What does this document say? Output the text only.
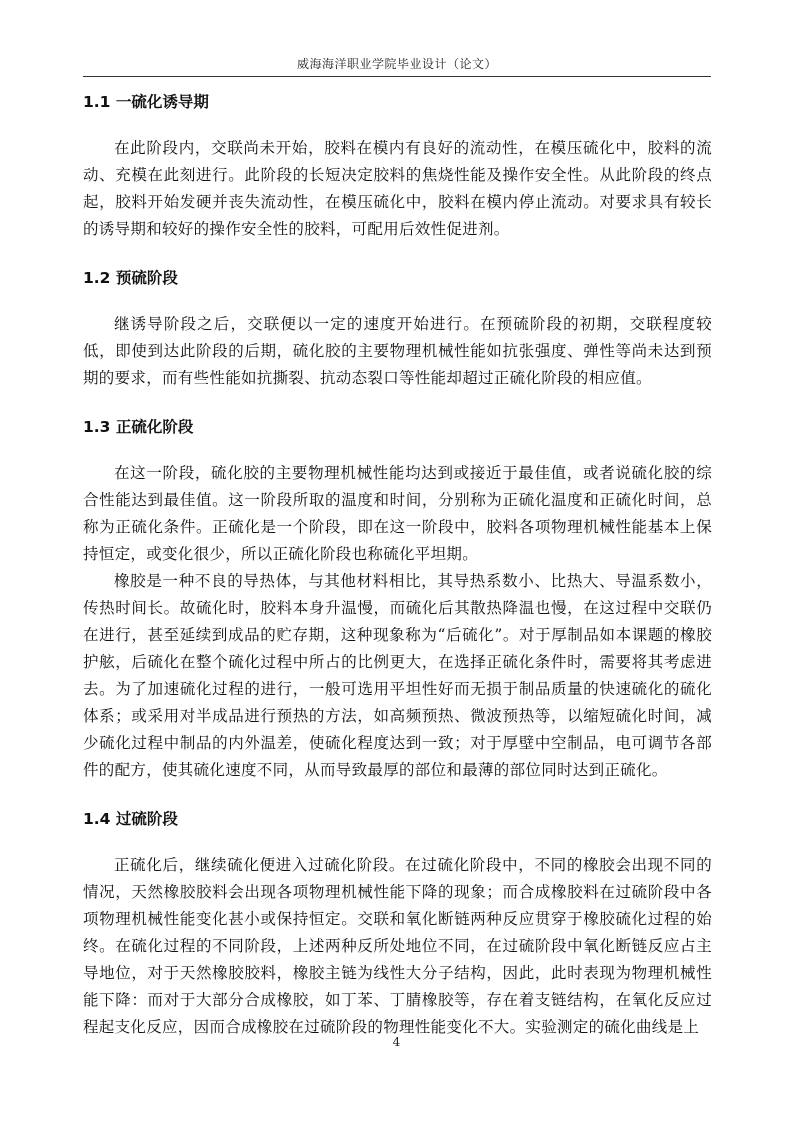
威海海洋职业学院毕业设计（论文）

1.1 一硫化诱导期

在此阶段内，交联尚未开始，胶料在模内有良好的流动性，在模压硫化中，胶料的流动、充模在此刻进行。此阶段的长短决定胶料的焦烧性能及操作安全性。从此阶段的终点起，胶料开始发硬并丧失流动性，在模压硫化中，胶料在模内停止流动。对要求具有较长的诱导期和较好的操作安全性的胶料，可配用后效性促进剂。

1.2 预硫阶段

继诱导阶段之后，交联便以一定的速度开始进行。在预硫阶段的初期，交联程度较低，即使到达此阶段的后期，硫化胶的主要物理机械性能如抗张强度、弹性等尚未达到预期的要求，而有些性能如抗撕裂、抗动态裂口等性能却超过正硫化阶段的相应值。

1.3 正硫化阶段

在这一阶段，硫化胶的主要物理机械性能均达到或接近于最佳值，或者说硫化胶的综合性能达到最佳值。这一阶段所取的温度和时间，分别称为正硫化温度和正硫化时间，总称为正硫化条件。正硫化是一个阶段，即在这一阶段中，胶料各项物理机械性能基本上保持恒定，或变化很少，所以正硫化阶段也称硫化平坦期。

橡胶是一种不良的导热体，与其他材料相比，其导热系数小、比热大、导温系数小，传热时间长。故硫化时，胶料本身升温慢，而硫化后其散热降温也慢，在这过程中交联仍在进行，甚至延续到成品的贮存期，这种现象称为“后硫化”。对于厚制品如本课题的橡胶护舷，后硫化在整个硫化过程中所占的比例更大，在选择正硫化条件时，需要将其考虑进去。为了加速硫化过程的进行，一般可选用平坦性好而无损于制品质量的快速硫化的硫化体系；或采用对半成品进行预热的方法，如高频预热、微波预热等，以缩短硫化时间，减少硫化过程中制品的内外温差，使硫化程度达到一致；对于厚壁中空制品，电可调节各部件的配方，使其硫化速度不同，从而导致最厚的部位和最薄的部位同时达到正硫化。

1.4 过硫阶段

正硫化后，继续硫化便进入过硫化阶段。在过硫化阶段中，不同的橡胶会出现不同的情况，天然橡胶胶料会出现各项物理机械性能下降的现象；而合成橡胶料在过硫阶段中各项物理机械性能变化甚小或保持恒定。交联和氧化断链两种反应贯穿于橡胶硫化过程的始终。在硫化过程的不同阶段，上述两种反所处地位不同，在过硫阶段中氧化断链反应占主导地位，对于天然橡胶胶料，橡胶主链为线性大分子结构，因此，此时表现为物理机械性能下降：而对于大部分合成橡胶，如丁苯、丁腈橡胶等，存在着支链结构，在氧化反应过程起支化反应，因而合成橡胶在过硫阶段的物理性能变化不大。实验测定的硫化曲线是上

4
